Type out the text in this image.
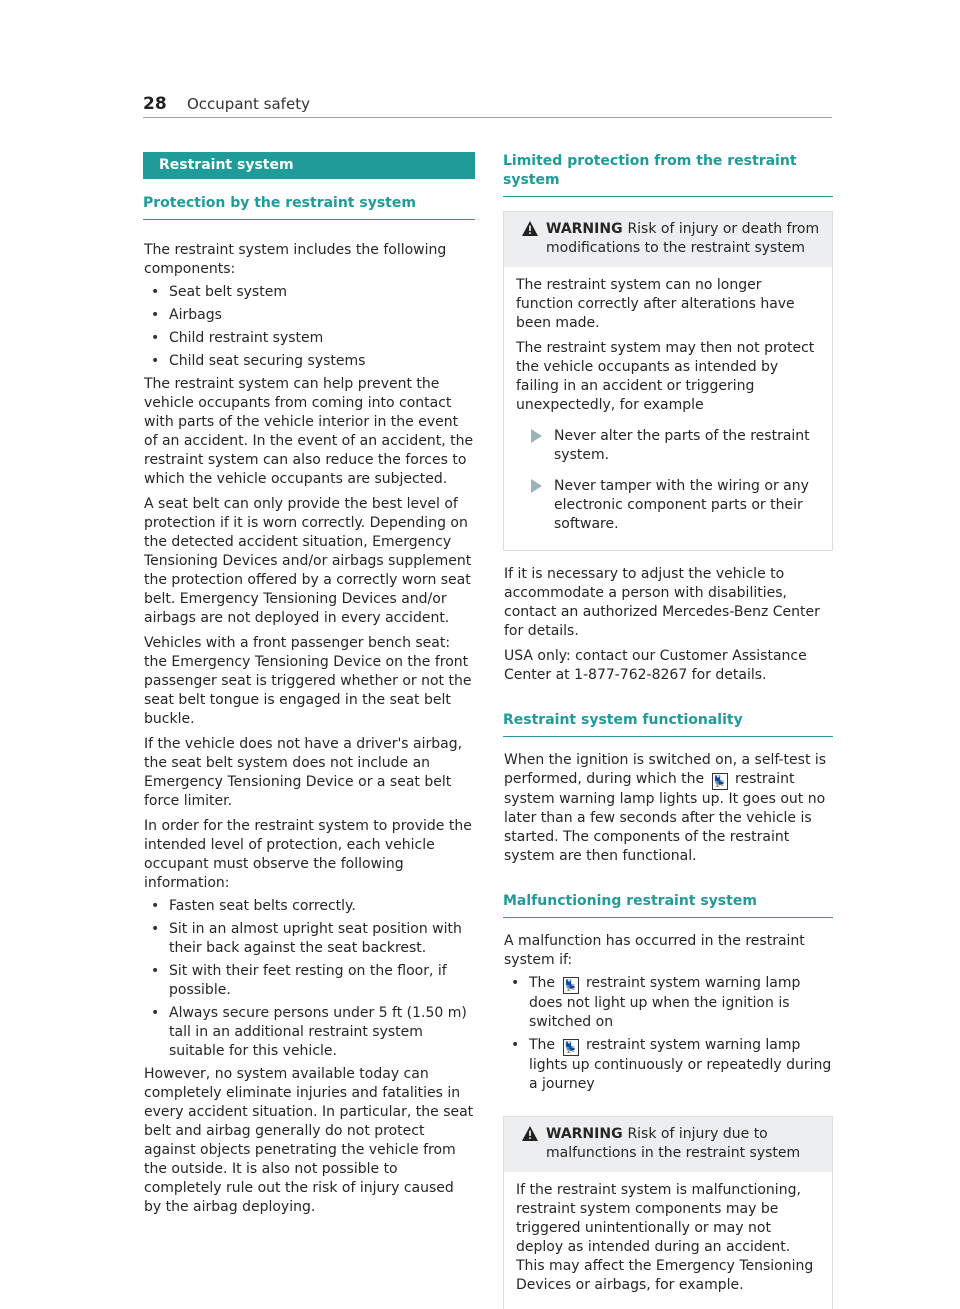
28 Occupant safety
Restraint system
Protection by the restraint system

The restraint system includes the following components:

• Seat belt system
• Airbags
• Child restraint system
• Child seat securing systems

The restraint system can help prevent the vehicle occupants from coming into contact with parts of the vehicle interior in the event of an accident. In the event of an accident, the restraint system can also reduce the forces to which the vehicle occupants are subjected.

A seat belt can only provide the best level of protection if it is worn correctly. Depending on the detected accident situation, Emergency Tensioning Devices and/or airbags supplement the protection offered by a correctly worn seat belt. Emergency Tensioning Devices and/or airbags are not deployed in every accident.

Vehicles with a front passenger bench seat: the Emergency Tensioning Device on the front passenger seat is triggered whether or not the seat belt tongue is engaged in the seat belt buckle.

If the vehicle does not have a driver's airbag, the seat belt system does not include an Emergency Tensioning Device or a seat belt force limiter.

In order for the restraint system to provide the intended level of protection, each vehicle occupant must observe the following information:

• Fasten seat belts correctly.
• Sit in an almost upright seat position with their back against the seat backrest.
• Sit with their feet resting on the floor, if possible.
• Always secure persons under 5 ft (1.50 m) tall in an additional restraint system suitable for this vehicle.

However, no system available today can completely eliminate injuries and fatalities in every accident situation. In particular, the seat belt and airbag generally do not protect against objects penetrating the vehicle from the outside. It is also not possible to completely rule out the risk of injury caused by the airbag deploying.

Limited protection from the restraint system
WARNING Risk of injury or death from modifications to the restraint system

The restraint system can no longer function correctly after alterations have been made.

The restraint system may then not protect the vehicle occupants as intended by failing in an accident or triggering unexpectedly, for example

Never alter the parts of the restraint system.
Never tamper with the wiring or any electronic component parts or their software.

If it is necessary to adjust the vehicle to accommodate a person with disabilities, contact an authorized Mercedes-Benz Center for details.

USA only: contact our Customer Assistance Center at 1-877-762-8267 for details.

Restraint system functionality

When the ignition is switched on, a self-test is performed, during which the 💺 restraint system warning lamp lights up. It goes out no later than a few seconds after the vehicle is started. The components of the restraint system are then functional.

Malfunctioning restraint system

A malfunction has occurred in the restraint system if:

• The 💺 restraint system warning lamp does not light up when the ignition is switched on
• The 💺 restraint system warning lamp lights up continuously or repeatedly during a journey
WARNING Risk of injury due to malfunctions in the restraint system

If the restraint system is malfunctioning, restraint system components may be triggered unintentionally or may not deploy as intended during an accident. This may affect the Emergency Tensioning Devices or airbags, for example.
